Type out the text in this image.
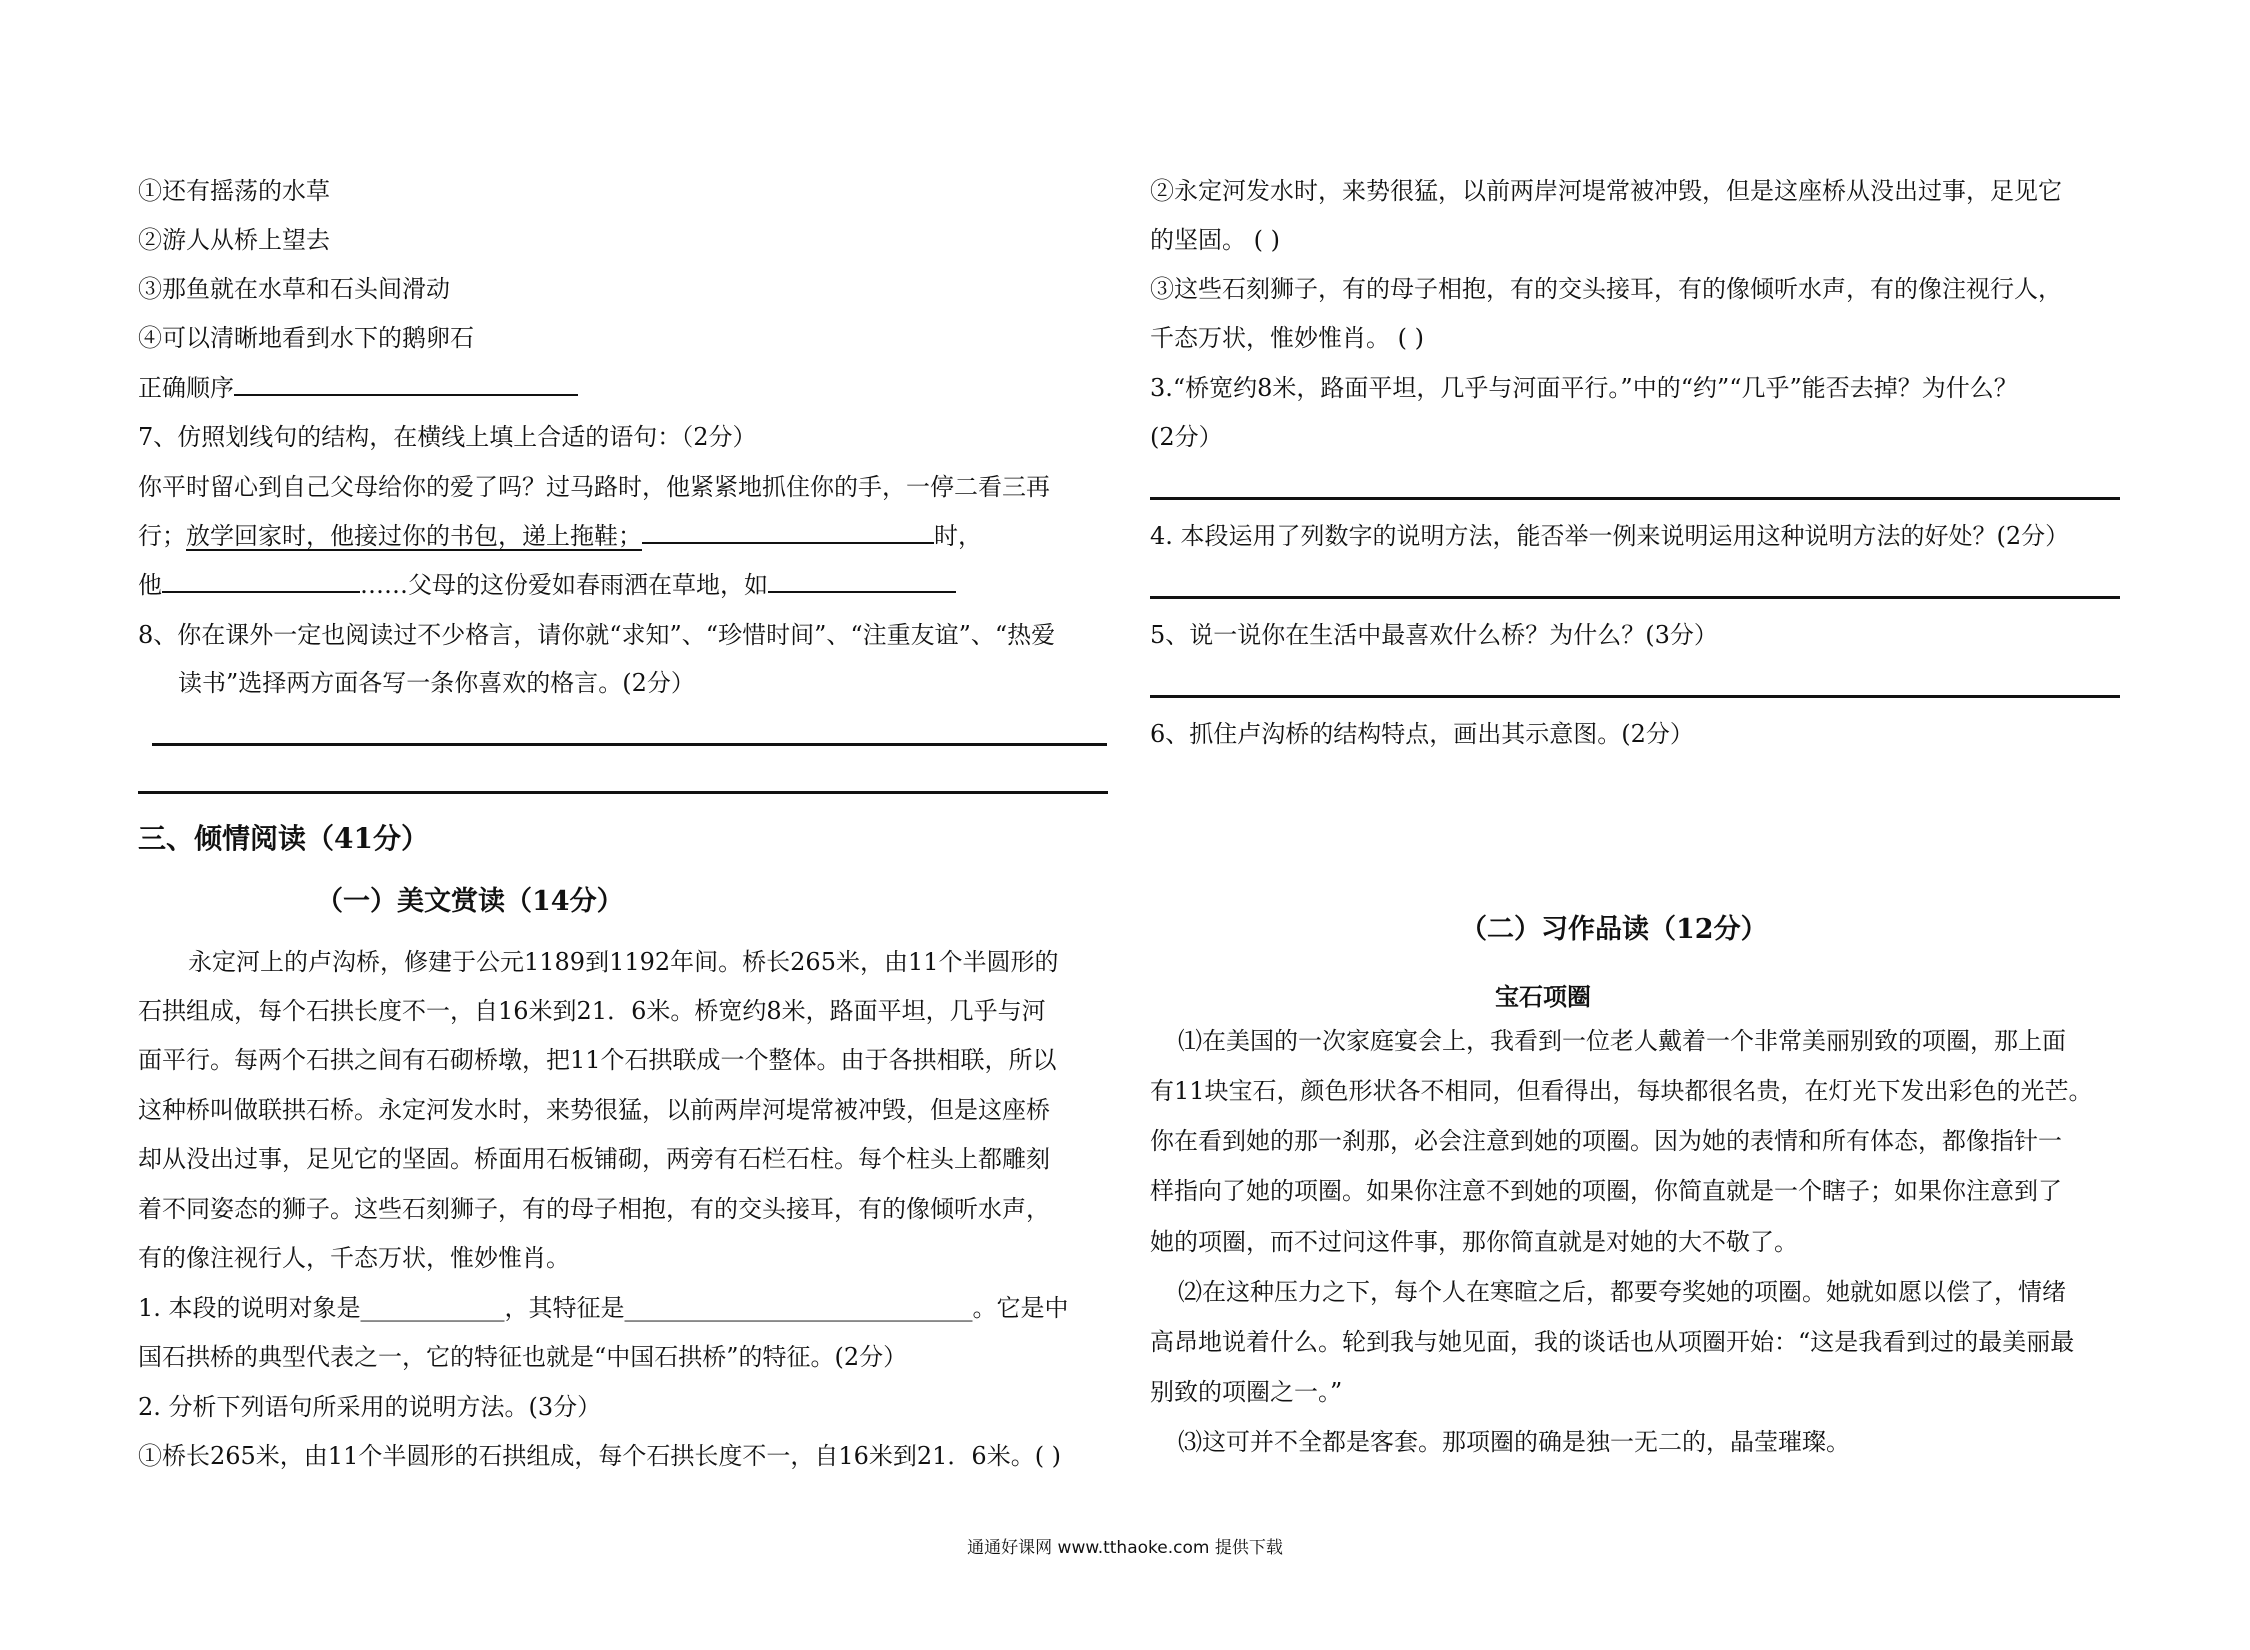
①还有摇荡的水草
②游人从桥上望去
③那鱼就在水草和石头间滑动
④可以清晰地看到水下的鹅卵石
正确顺序
7、仿照划线句的结构，在横线上填上合适的语句：（2分）
你平时留心到自己父母给你的爱了吗？过马路时，他紧紧地抓住你的手，一停二看三再
行；放学回家时，他接过你的书包，递上拖鞋；	时，
他	……父母的这份爱如春雨洒在草地，如
8、你在课外一定也阅读过不少格言，请你就“求知”、“珍惜时间”、“注重友谊”、“热爱
读书”选择两方面各写一条你喜欢的格言。(2分）
三、倾情阅读（41分）
（一）美文赏读（14分）
永定河上的卢沟桥，修建于公元1189到1192年间。桥长265米，由11个半圆形的
石拱组成，每个石拱长度不一，自16米到21．6米。桥宽约8米，路面平坦，几乎与河
面平行。每两个石拱之间有石砌桥墩，把11个石拱联成一个整体。由于各拱相联，所以
这种桥叫做联拱石桥。永定河发水时，来势很猛，以前两岸河堤常被冲毁，但是这座桥
却从没出过事，足见它的坚固。桥面用石板铺砌，两旁有石栏石柱。每个柱头上都雕刻
着不同姿态的狮子。这些石刻狮子，有的母子相抱，有的交头接耳，有的像倾听水声，
有的像注视行人，千态万状，惟妙惟肖。
1. 本段的说明对象是____________，其特征是_____________________________。它是中
国石拱桥的典型代表之一，它的特征也就是“中国石拱桥”的特征。(2分）
2. 分析下列语句所采用的说明方法。(3分）
①桥长265米，由11个半圆形的石拱组成，每个石拱长度不一，自16米到21．6米。( )
②永定河发水时，来势很猛，以前两岸河堤常被冲毁，但是这座桥从没出过事，足见它
的坚固。 ( )
③这些石刻狮子，有的母子相抱，有的交头接耳，有的像倾听水声，有的像注视行人，
千态万状，惟妙惟肖。 ( )
3.“桥宽约8米，路面平坦，几乎与河面平行。”中的“约”“几乎”能否去掉？为什么？
(2分）
4. 本段运用了列数字的说明方法，能否举一例来说明运用这种说明方法的好处？(2分）
5、说一说你在生活中最喜欢什么桥？为什么？(3分）
6、抓住卢沟桥的结构特点，画出其示意图。(2分）
（二）习作品读（12分）
宝石项圈
⑴在美国的一次家庭宴会上，我看到一位老人戴着一个非常美丽别致的项圈，那上面
有11块宝石，颜色形状各不相同，但看得出，每块都很名贵，在灯光下发出彩色的光芒。
你在看到她的那一刹那，必会注意到她的项圈。因为她的表情和所有体态，都像指针一
样指向了她的项圈。如果你注意不到她的项圈，你简直就是一个瞎子；如果你注意到了
她的项圈，而不过问这件事，那你简直就是对她的大不敬了。
⑵在这种压力之下，每个人在寒暄之后，都要夸奖她的项圈。她就如愿以偿了，情绪
高昂地说着什么。轮到我与她见面，我的谈话也从项圈开始：“这是我看到过的最美丽最
别致的项圈之一。”
⑶这可并不全都是客套。那项圈的确是独一无二的，晶莹璀璨。
通通好课网 www.tthaoke.com 提供下载
